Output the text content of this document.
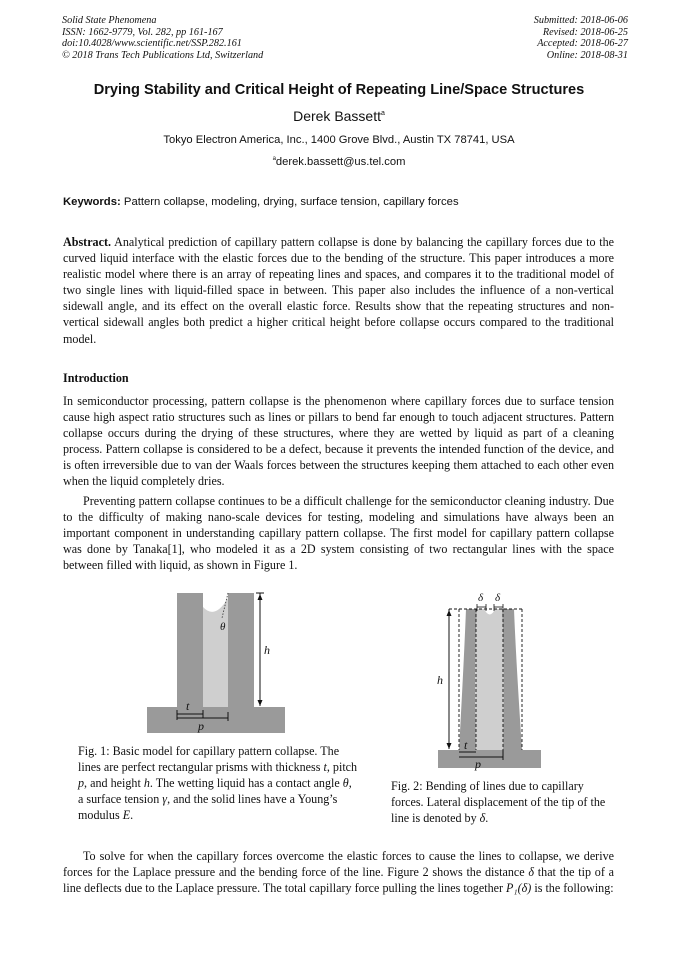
Solid State Phenomena
ISSN: 1662-9779, Vol. 282, pp 161-167
doi:10.4028/www.scientific.net/SSP.282.161
© 2018 Trans Tech Publications Ltd, Switzerland
Submitted: 2018-06-06
Revised: 2018-06-25
Accepted: 2018-06-27
Online: 2018-08-31
Drying Stability and Critical Height of Repeating Line/Space Structures
Derek Bassett$^a$
Tokyo Electron America, Inc., 1400 Grove Blvd., Austin TX 78741, USA
$^a$derek.bassett@us.tel.com
Keywords: Pattern collapse, modeling, drying, surface tension, capillary forces
Abstract. Analytical prediction of capillary pattern collapse is done by balancing the capillary forces due to the curved liquid interface with the elastic forces due to the bending of the structure. This paper introduces a more realistic model where there is an array of repeating lines and spaces, and compares it to the traditional model of two single lines with liquid-filled space in between. This paper also includes the influence of a non-vertical sidewall angle, and its effect on the overall elastic force. Results show that the repeating structures and non-vertical sidewall angles both predict a higher critical height before collapse occurs compared to the traditional model.
Introduction
In semiconductor processing, pattern collapse is the phenomenon where capillary forces due to surface tension cause high aspect ratio structures such as lines or pillars to bend far enough to touch adjacent structures. Pattern collapse occurs during the drying of these structures, where they are wetted by liquid as part of a cleaning process. Pattern collapse is considered to be a defect, because it prevents the intended function of the device, and is often irreversible due to van der Waals forces between the structures keeping them attached to each other even when the liquid completely dries.
Preventing pattern collapse continues to be a difficult challenge for the semiconductor cleaning industry. Due to the difficulty of making nano-scale devices for testing, modeling and simulations have always been an important component in understanding capillary pattern collapse. The first model for capillary pattern collapse was done by Tanaka[1], who modeled it as a 2D system consisting of two rectangular lines with the space between filled with liquid, as shown in Figure 1.
θ
h
t
p
δ δ
h
t
p
Fig. 1: Basic model for capillary pattern collapse. The lines are perfect rectangular prisms with thickness t, pitch p, and height h. The wetting liquid has a contact angle θ, a surface tension γ, and the solid lines have a Young’s modulus E.
Fig. 2: Bending of lines due to capillary forces. Lateral displacement of the tip of the line is denoted by δ.
To solve for when the capillary forces overcome the elastic forces to cause the lines to collapse, we derive forces for the Laplace pressure and the bending force of the line. Figure 2 shows the distance δ that the tip of a line deflects due to the Laplace pressure. The total capillary force pulling the lines together P₁(δ) is the following:
